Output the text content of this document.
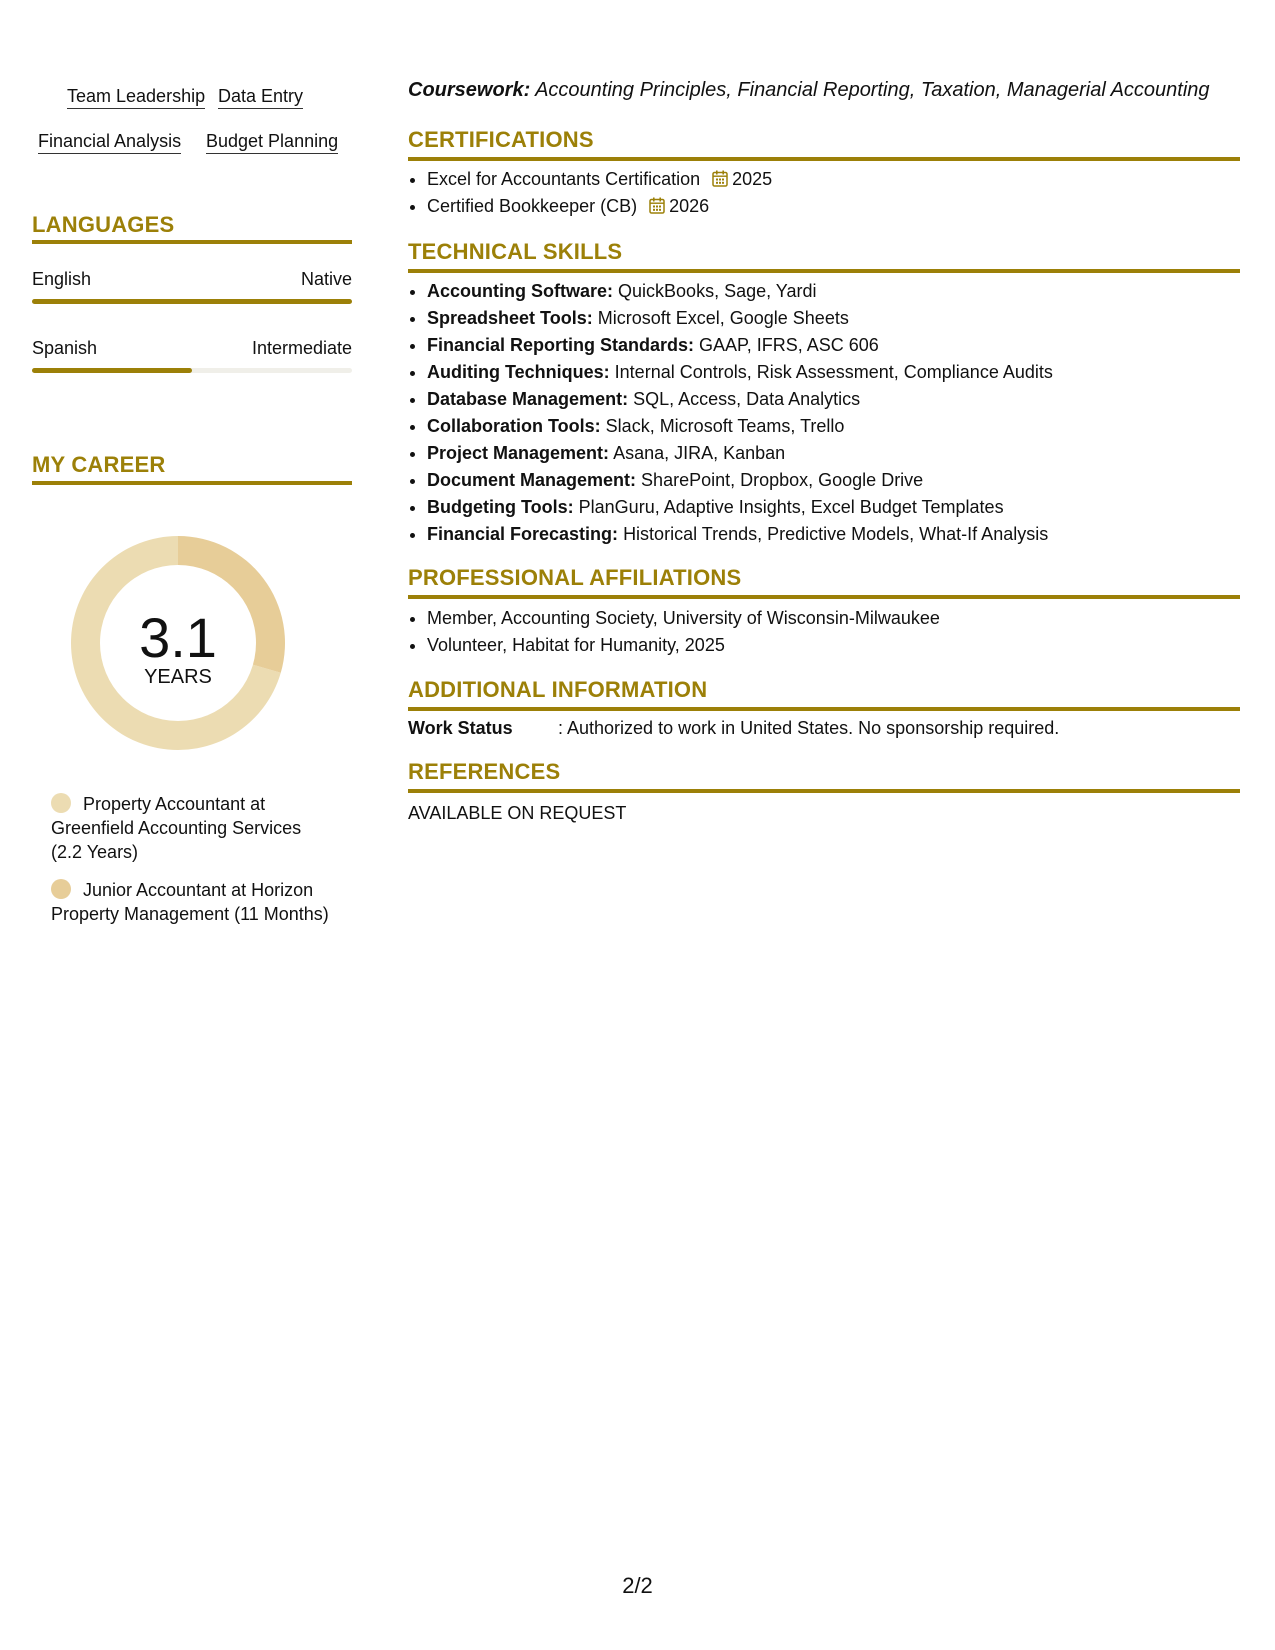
Team Leadership Data Entry
Financial Analysis Budget Planning
LANGUAGES
English	Native
Spanish	Intermediate
MY CAREER
3.1
YEARS
Property Accountant at Greenfield Accounting Services (2.2 Years)
Junior Accountant at Horizon Property Management (11 Months)
Coursework: Accounting Principles, Financial Reporting, Taxation, Managerial Accounting
CERTIFICATIONS
• Excel for Accountants Certification 2025
• Certified Bookkeeper (CB) 2026
TECHNICAL SKILLS
• Accounting Software: QuickBooks, Sage, Yardi
• Spreadsheet Tools: Microsoft Excel, Google Sheets
• Financial Reporting Standards: GAAP, IFRS, ASC 606
• Auditing Techniques: Internal Controls, Risk Assessment, Compliance Audits
• Database Management: SQL, Access, Data Analytics
• Collaboration Tools: Slack, Microsoft Teams, Trello
• Project Management: Asana, JIRA, Kanban
• Document Management: SharePoint, Dropbox, Google Drive
• Budgeting Tools: PlanGuru, Adaptive Insights, Excel Budget Templates
• Financial Forecasting: Historical Trends, Predictive Models, What-If Analysis
PROFESSIONAL AFFILIATIONS
• Member, Accounting Society, University of Wisconsin-Milwaukee
• Volunteer, Habitat for Humanity, 2025
ADDITIONAL INFORMATION
Work Status	: Authorized to work in United States. No sponsorship required.
REFERENCES
AVAILABLE ON REQUEST
2/2
